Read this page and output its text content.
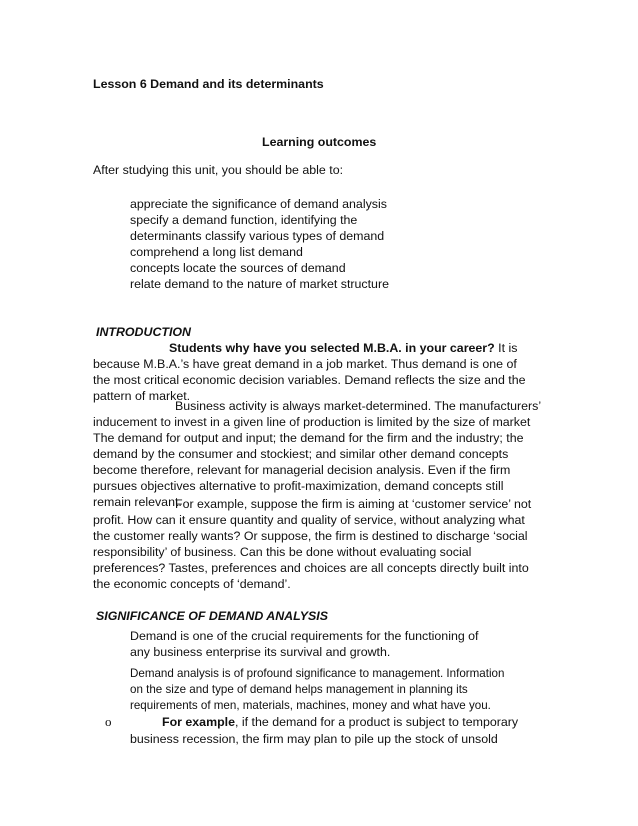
Lesson 6 Demand and its determinants
Learning outcomes
After studying this unit, you should be able to:
appreciate the significance of demand analysis
specify a demand function, identifying the
determinants classify various types of demand
comprehend a long list demand
concepts locate the sources of demand
relate demand to the nature of market structure
INTRODUCTION
Students why have you selected M.B.A. in your career? It is
because M.B.A.’s have great demand in a job market. Thus demand is one of
the most critical economic decision variables. Demand reflects the size and the
pattern of market.
Business activity is always market-determined. The manufacturers’
inducement to invest in a given line of production is limited by the size of market
The demand for output and input; the demand for the firm and the industry; the
demand by the consumer and stockiest; and similar other demand concepts
become therefore, relevant for managerial decision analysis. Even if the firm
pursues objectives alternative to profit-maximization, demand concepts still
remain relevant.
For example, suppose the firm is aiming at ‘customer service’ not
profit. How can it ensure quantity and quality of service, without analyzing what
the customer really wants? Or suppose, the firm is destined to discharge ‘social
responsibility’ of business. Can this be done without evaluating social
preferences? Tastes, preferences and choices are all concepts directly built into
the economic concepts of ‘demand’.
SIGNIFICANCE OF DEMAND ANALYSIS
Demand is one of the crucial requirements for the functioning of
any business enterprise its survival and growth.
Demand analysis is of profound significance to management. Information
on the size and type of demand helps management in planning its
requirements of men, materials, machines, money and what have you.
o	For example, if the demand for a product is subject to temporary
business recession, the firm may plan to pile up the stock of unsold
